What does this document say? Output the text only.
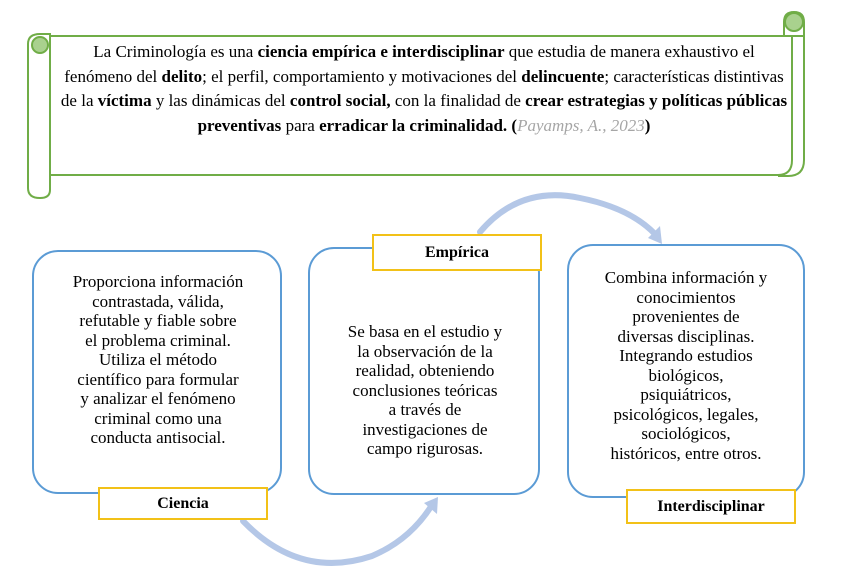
La Criminología es una ciencia empírica e interdisciplinar que estudia de manera exhaustivo el fenómeno del delito; el perfil, comportamiento y motivaciones del delincuente; características distintivas de la víctima y las dinámicas del control social, con la finalidad de crear estrategias y políticas públicas preventivas para erradicar la criminalidad. (Payamps, A., 2023)
Proporciona información
contrastada, válida,
refutable y fiable sobre
el problema criminal.
Utiliza el método
científico para formular
y analizar el fenómeno
criminal como una
conducta antisocial.
Ciencia
Se basa en el estudio y
la observación de la
realidad, obteniendo
conclusiones teóricas
a través de
investigaciones de
campo rigurosas.
Empírica
Combina información y
conocimientos
provenientes de
diversas disciplinas.
Integrando estudios
biológicos,
psiquiátricos,
psicológicos, legales,
sociológicos,
históricos, entre otros.
Interdisciplinar
